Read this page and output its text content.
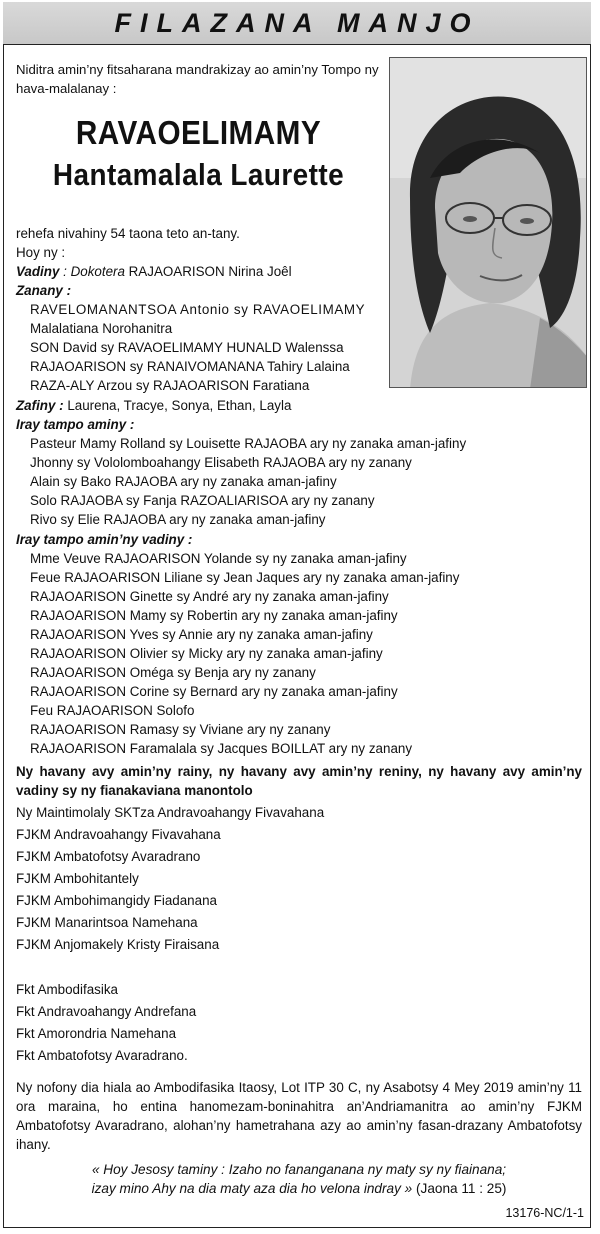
FILAZANA MANJO
Niditra amin’ny fitsaharana mandrakizay ao amin’ny Tompo ny hava-malalanay :
RAVAOELIMAMY
Hantamalala Laurette
rehefa nivahiny 54 taona teto an-tany.
Hoy ny :
Vadiny : Dokotera RAJAOARISON Nirina Joêl
Zanany :
RAVELOMANANTSOA Antonio sy RAVAOELIMAMY
Malalatiana Norohanitra
SON David sy RAVAOELIMAMY HUNALD Walenssa
RAJAOARISON sy RANAIVOMANANA Tahiry Lalaina
RAZA-ALY Arzou sy RAJAOARISON Faratiana
Zafiny : Laurena, Tracye, Sonya, Ethan, Layla
Iray tampo aminy :
Pasteur Mamy Rolland sy Louisette RAJAOBA ary ny zanaka aman-jafiny
Jhonny sy Vololomboahangy Elisabeth RAJAOBA ary ny zanany
Alain sy Bako RAJAOBA ary ny zanaka aman-jafiny
Solo RAJAOBA sy Fanja RAZOALIARISOA ary ny zanany
Rivo sy Elie RAJAOBA ary ny zanaka aman-jafiny
Iray tampo amin’ny vadiny :
Mme Veuve RAJAOARISON Yolande sy ny zanaka aman-jafiny
Feue RAJAOARISON Liliane sy Jean Jaques ary ny zanaka aman-jafiny
RAJAOARISON Ginette sy André ary ny zanaka aman-jafiny
RAJAOARISON Mamy sy Robertin ary ny zanaka aman-jafiny
RAJAOARISON Yves sy Annie ary ny zanaka aman-jafiny
RAJAOARISON Olivier sy Micky ary ny zanaka aman-jafiny
RAJAOARISON Oméga sy Benja ary ny zanany
RAJAOARISON Corine sy Bernard ary ny zanaka aman-jafiny
Feu RAJAOARISON Solofo
RAJAOARISON Ramasy sy Viviane ary ny zanany
RAJAOARISON Faramalala sy Jacques BOILLAT ary ny zanany
Ny havany avy amin’ny rainy, ny havany avy amin’ny reniny, ny havany avy amin’ny vadiny sy ny fianakaviana manontolo
Ny Maintimolaly SKTza Andravoahangy Fivavahana
FJKM Andravoahangy Fivavahana
FJKM Ambatofotsy Avaradrano
FJKM Ambohitantely
FJKM Ambohimangidy Fiadanana
FJKM Manarintsoa Namehana
FJKM Anjomakely Kristy Firaisana
Fkt Ambodifasika
Fkt Andravoahangy Andrefana
Fkt Amorondria Namehana
Fkt Ambatofotsy Avaradrano.
Ny nofony dia hiala ao Ambodifasika Itaosy, Lot ITP 30 C, ny Asabotsy 4 Mey 2019 amin’ny 11 ora maraina, ho entina hanomezam-boninahitra an’Andriamanitra ao amin’ny FJKM Ambatofotsy Avaradrano, alohan’ny hametrahana azy ao amin’ny fasan-drazany Ambatofotsy ihany.
« Hoy Jesosy taminy : Izaho no fananganana ny maty sy ny fiainana;
izay mino Ahy na dia maty aza dia ho velona indray » (Jaona 11 : 25)
13176-NC/1-1
